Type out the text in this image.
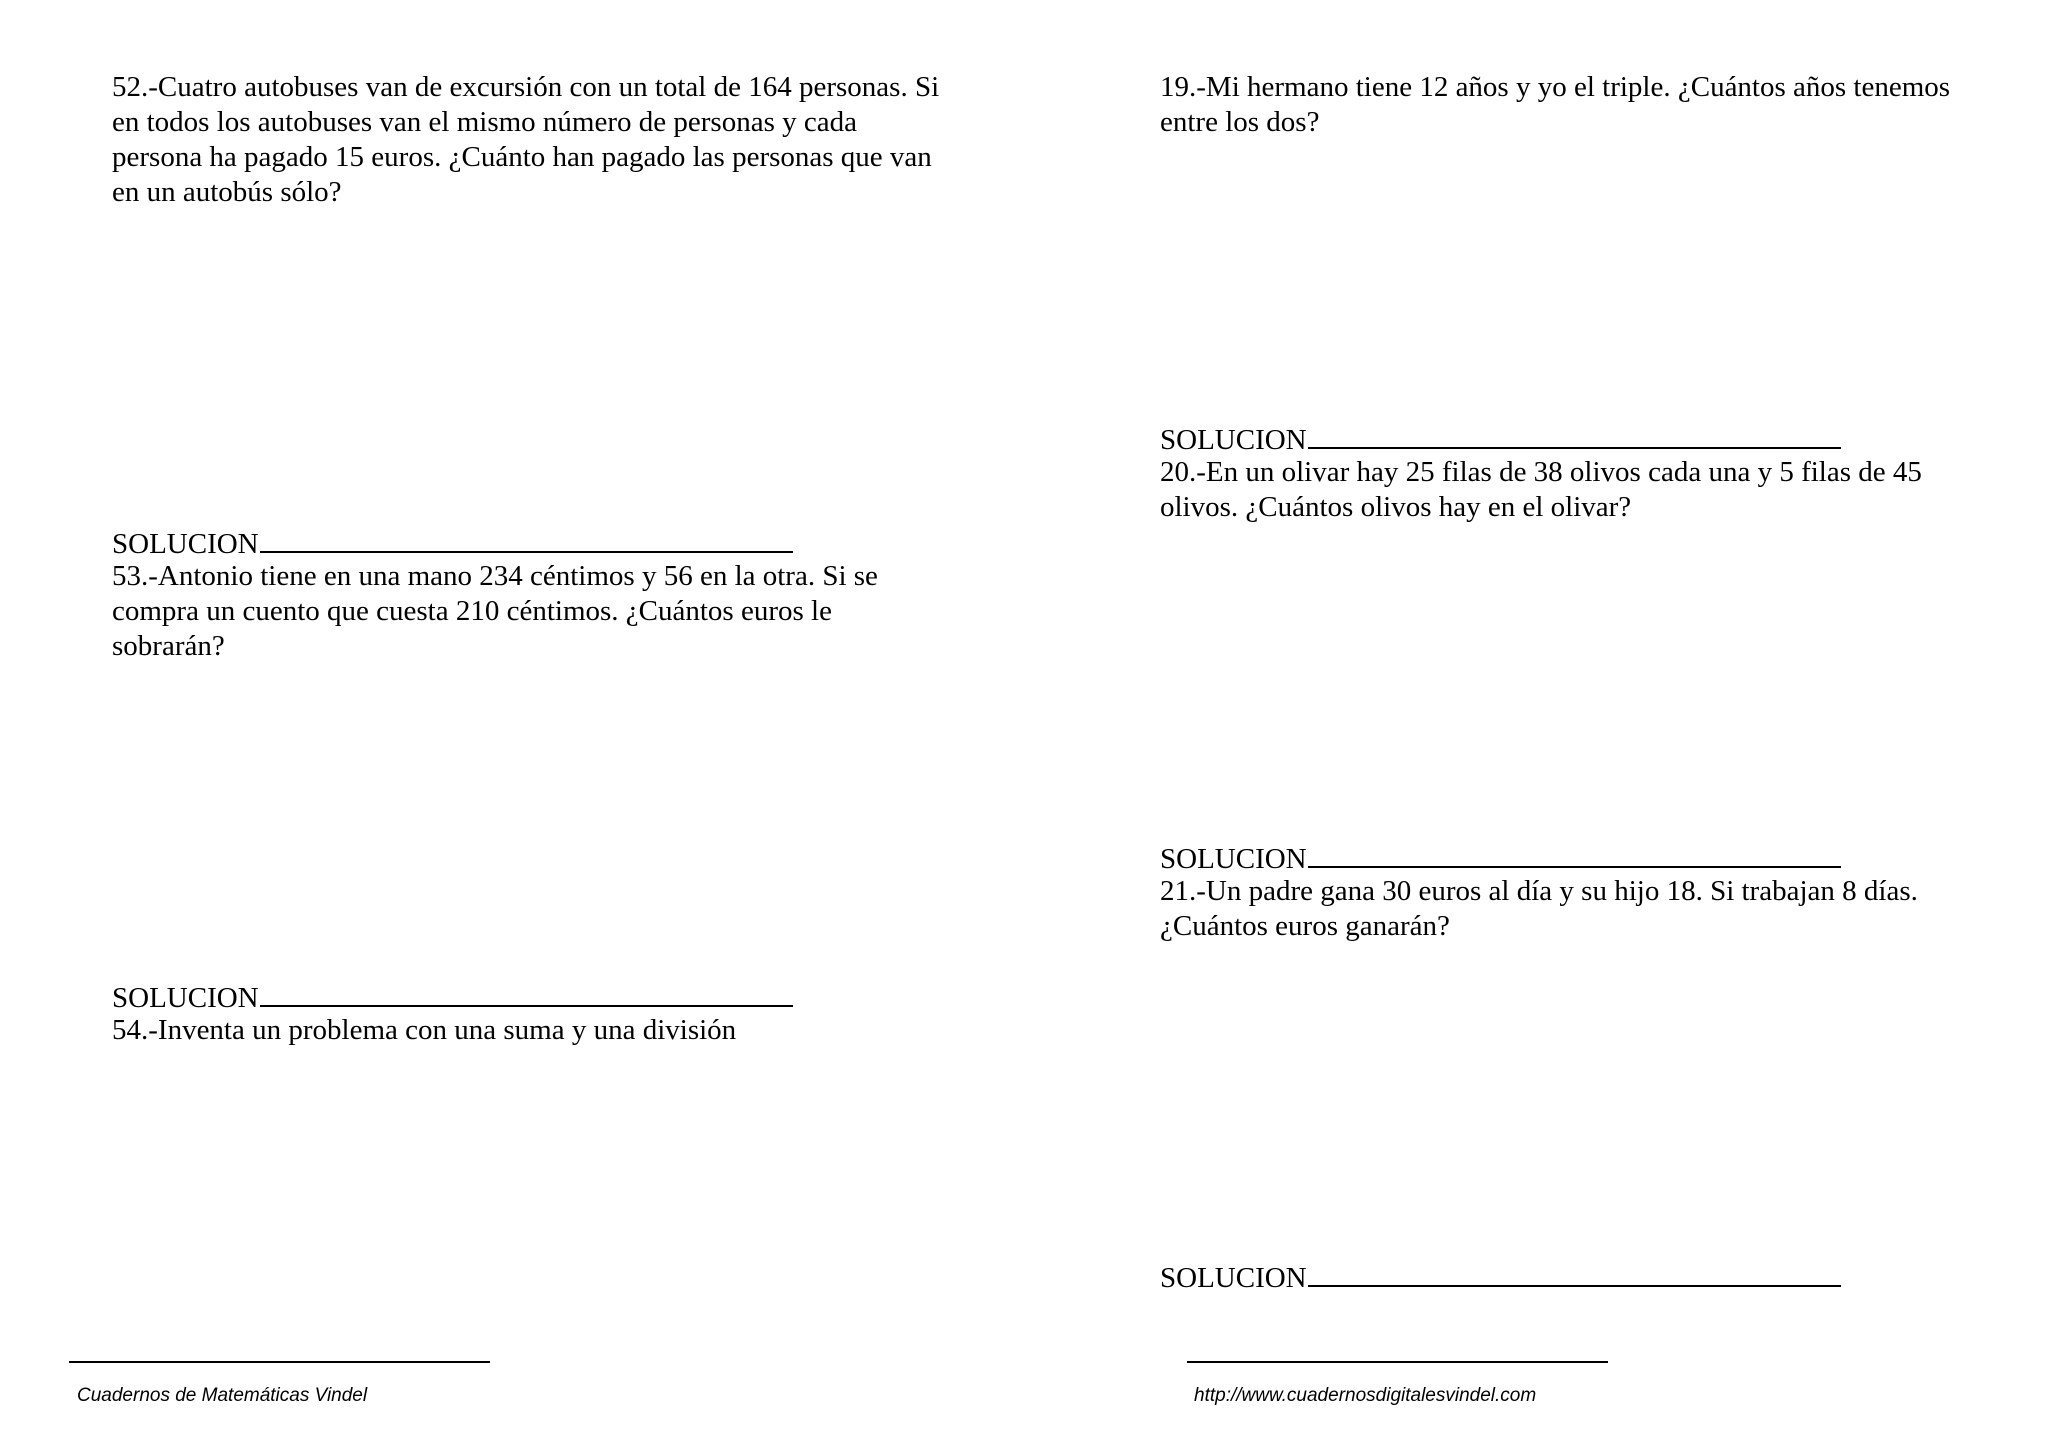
52.-Cuatro autobuses van de excursión con un total de 164 personas. Si en todos los autobuses van el mismo número de personas y cada persona ha pagado 15 euros. ¿Cuánto han pagado las personas que van en un autobús sólo?

SOLUCION

53.-Antonio tiene en una mano 234 céntimos y 56 en la otra. Si se compra un cuento que cuesta 210 céntimos. ¿Cuántos euros le sobrarán?

SOLUCION

54.-Inventa un problema con una suma y una división

19.-Mi hermano tiene 12 años y yo el triple. ¿Cuántos años tenemos entre los dos?

SOLUCION

20.-En un olivar hay 25 filas de 38 olivos cada una y 5 filas de 45 olivos. ¿Cuántos olivos hay en el olivar?

SOLUCION

21.-Un padre gana 30 euros al día y su hijo 18. Si trabajan 8 días. ¿Cuántos euros ganarán?

SOLUCION
Cuadernos de Matemáticas Vindel	http://www.cuadernosdigitalesvindel.com
